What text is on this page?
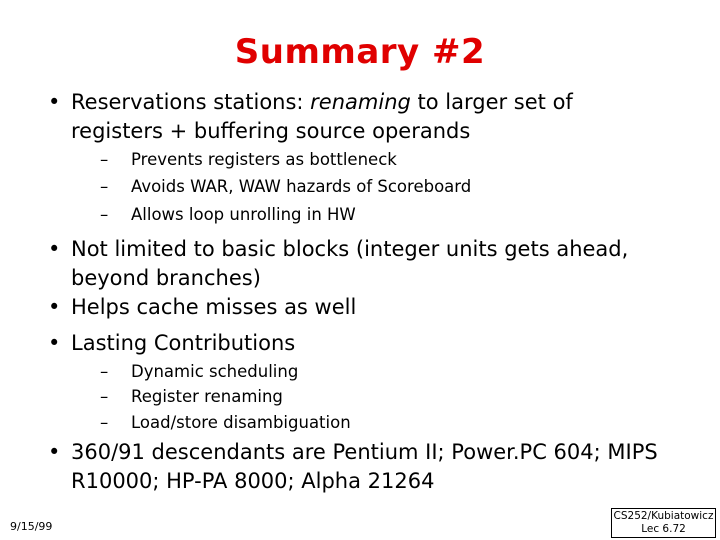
Summary #2
• Reservations stations: renaming to larger set of registers + buffering source operands
– Prevents registers as bottleneck
– Avoids WAR, WAW hazards of Scoreboard
– Allows loop unrolling in HW
• Not limited to basic blocks (integer units gets ahead, beyond branches)
• Helps cache misses as well
• Lasting Contributions
– Dynamic scheduling
– Register renaming
– Load/store disambiguation
• 360/91 descendants are Pentium II; Power.PC 604; MIPS R10000; HP-PA 8000; Alpha 21264
9/15/99
CS252/Kubiatowicz
Lec 6.72
